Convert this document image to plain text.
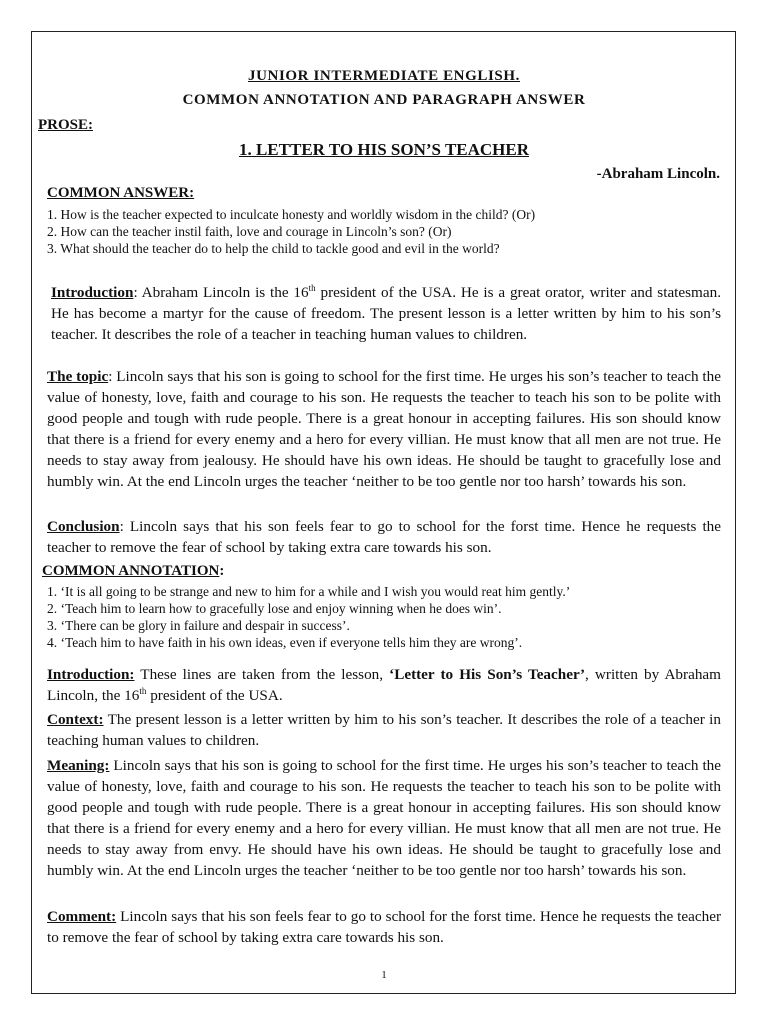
JUNIOR INTERMEDIATE ENGLISH.
COMMON ANNOTATION AND PARAGRAPH ANSWER
PROSE:
1. LETTER TO HIS SON’S TEACHER
-Abraham Lincoln.
COMMON ANSWER:
1. How is the teacher expected to inculcate honesty and worldly wisdom in the child? (Or)
2. How can the teacher instil faith, love and courage in Lincoln’s son? (Or)
3. What should the teacher do to help the child to tackle good and evil in the world?
Introduction: Abraham Lincoln is the 16th president of the USA. He is a great orator, writer and statesman. He has become a martyr for the cause of freedom. The present lesson is a letter written by him to his son’s teacher. It describes the role of a teacher in teaching human values to children.
The topic: Lincoln says that his son is going to school for the first time. He urges his son’s teacher to teach the value of honesty, love, faith and courage to his son. He requests the teacher to teach his son to be polite with good people and tough with rude people. There is a great honour in accepting failures. His son should know that there is a friend for every enemy and a hero for every villian. He must know that all men are not true. He needs to stay away from jealousy. He should have his own ideas. He should be taught to gracefully lose and humbly win. At the end Lincoln urges the teacher ‘neither to be too gentle nor too harsh’ towards his son.
Conclusion: Lincoln says that his son feels fear to go to school for the forst time. Hence he requests the teacher to remove the fear of school by taking extra care towards his son.
COMMON ANNOTATION:
1. ‘It is all going to be strange and new to him for a while and I wish you would reat him gently.’
2. ‘Teach him to learn how to gracefully lose and enjoy winning when he does win’.
3. ‘There can be glory in failure and despair in success’.
4. ‘Teach him to have faith in his own ideas, even if everyone tells him they are wrong’.
Introduction: These lines are taken from the lesson, ‘Letter to His Son’s Teacher’, written by Abraham Lincoln, the 16th president of the USA.
Context: The present lesson is a letter written by him to his son’s teacher. It describes the role of a teacher in teaching human values to children.
Meaning: Lincoln says that his son is going to school for the first time. He urges his son’s teacher to teach the value of honesty, love, faith and courage to his son. He requests the teacher to teach his son to be polite with good people and tough with rude people. There is a great honour in accepting failures. His son should know that there is a friend for every enemy and a hero for every villian. He must know that all men are not true. He needs to stay away from envy. He should have his own ideas. He should be taught to gracefully lose and humbly win. At the end Lincoln urges the teacher ‘neither to be too gentle nor too harsh’ towards his son.
Comment: Lincoln says that his son feels fear to go to school for the forst time. Hence he requests the teacher to remove the fear of school by taking extra care towards his son.
1
